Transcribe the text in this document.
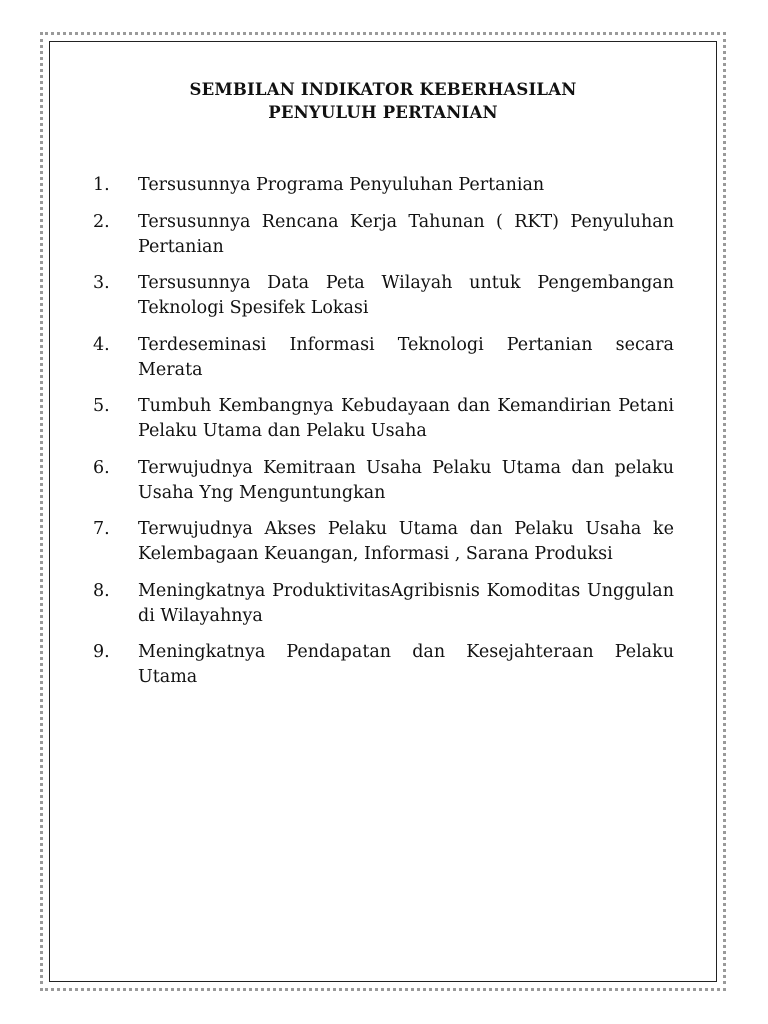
SEMBILAN INDIKATOR KEBERHASILAN
PENYULUH PERTANIAN
1. Tersusunnya Programa Penyuluhan Pertanian
2. Tersusunnya Rencana Kerja Tahunan ( RKT) Penyuluhan Pertanian
3. Tersusunnya Data Peta Wilayah untuk Pengembangan Teknologi Spesifek Lokasi
4. Terdeseminasi Informasi Teknologi Pertanian secara Merata
5. Tumbuh Kembangnya Kebudayaan dan Kemandirian Petani Pelaku Utama dan Pelaku Usaha
6. Terwujudnya Kemitraan Usaha Pelaku Utama dan pelaku Usaha Yng Menguntungkan
7. Terwujudnya Akses Pelaku Utama dan Pelaku Usaha ke Kelembagaan Keuangan, Informasi , Sarana Produksi
8. Meningkatnya ProduktivitasAgribisnis Komoditas Unggulan di Wilayahnya
9. Meningkatnya Pendapatan dan Kesejahteraan Pelaku Utama
